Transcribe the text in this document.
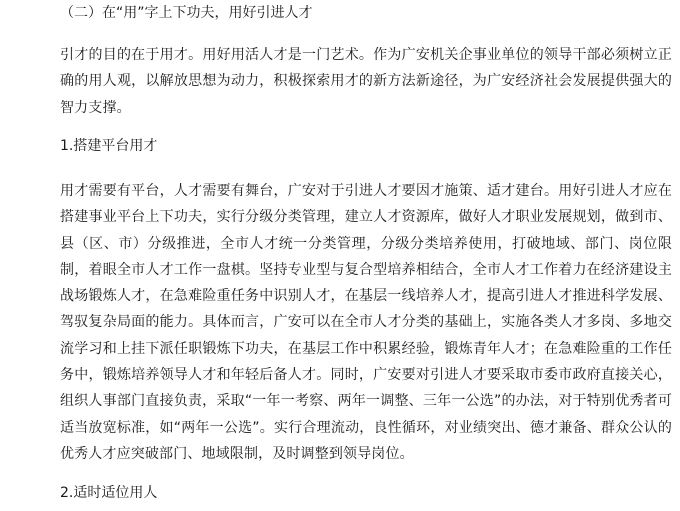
（二）在“用”字上下功夫，用好引进人才

引才的目的在于用才。用好用活人才是一门艺术。作为广安机关企事业单位的领导干部必须树立正确的用人观，以解放思想为动力，积极探索用才的新方法新途径，为广安经济社会发展提供强大的智力支撑。

1.搭建平台用才

用才需要有平台，人才需要有舞台，广安对于引进人才要因才施策、适才建台。用好引进人才应在搭建事业平台上下功夫，实行分级分类管理，建立人才资源库，做好人才职业发展规划，做到市、县（区、市）分级推进，全市人才统一分类管理，分级分类培养使用，打破地域、部门、岗位限制，着眼全市人才工作一盘棋。坚持专业型与复合型培养相结合，全市人才工作着力在经济建设主战场锻炼人才，在急难险重任务中识别人才，在基层一线培养人才，提高引进人才推进科学发展、驾驭复杂局面的能力。具体而言，广安可以在全市人才分类的基础上，实施各类人才多岗、多地交流学习和上挂下派任职锻炼下功夫，在基层工作中积累经验，锻炼青年人才；在急难险重的工作任务中，锻炼培养领导人才和年轻后备人才。同时，广安要对引进人才要采取市委市政府直接关心，组织人事部门直接负责，采取“一年一考察、两年一调整、三年一公选”的办法，对于特别优秀者可适当放宽标准，如“两年一公选”。实行合理流动，良性循环，对业绩突出、德才兼备、群众公认的优秀人才应突破部门、地域限制，及时调整到领导岗位。

2.适时适位用人
